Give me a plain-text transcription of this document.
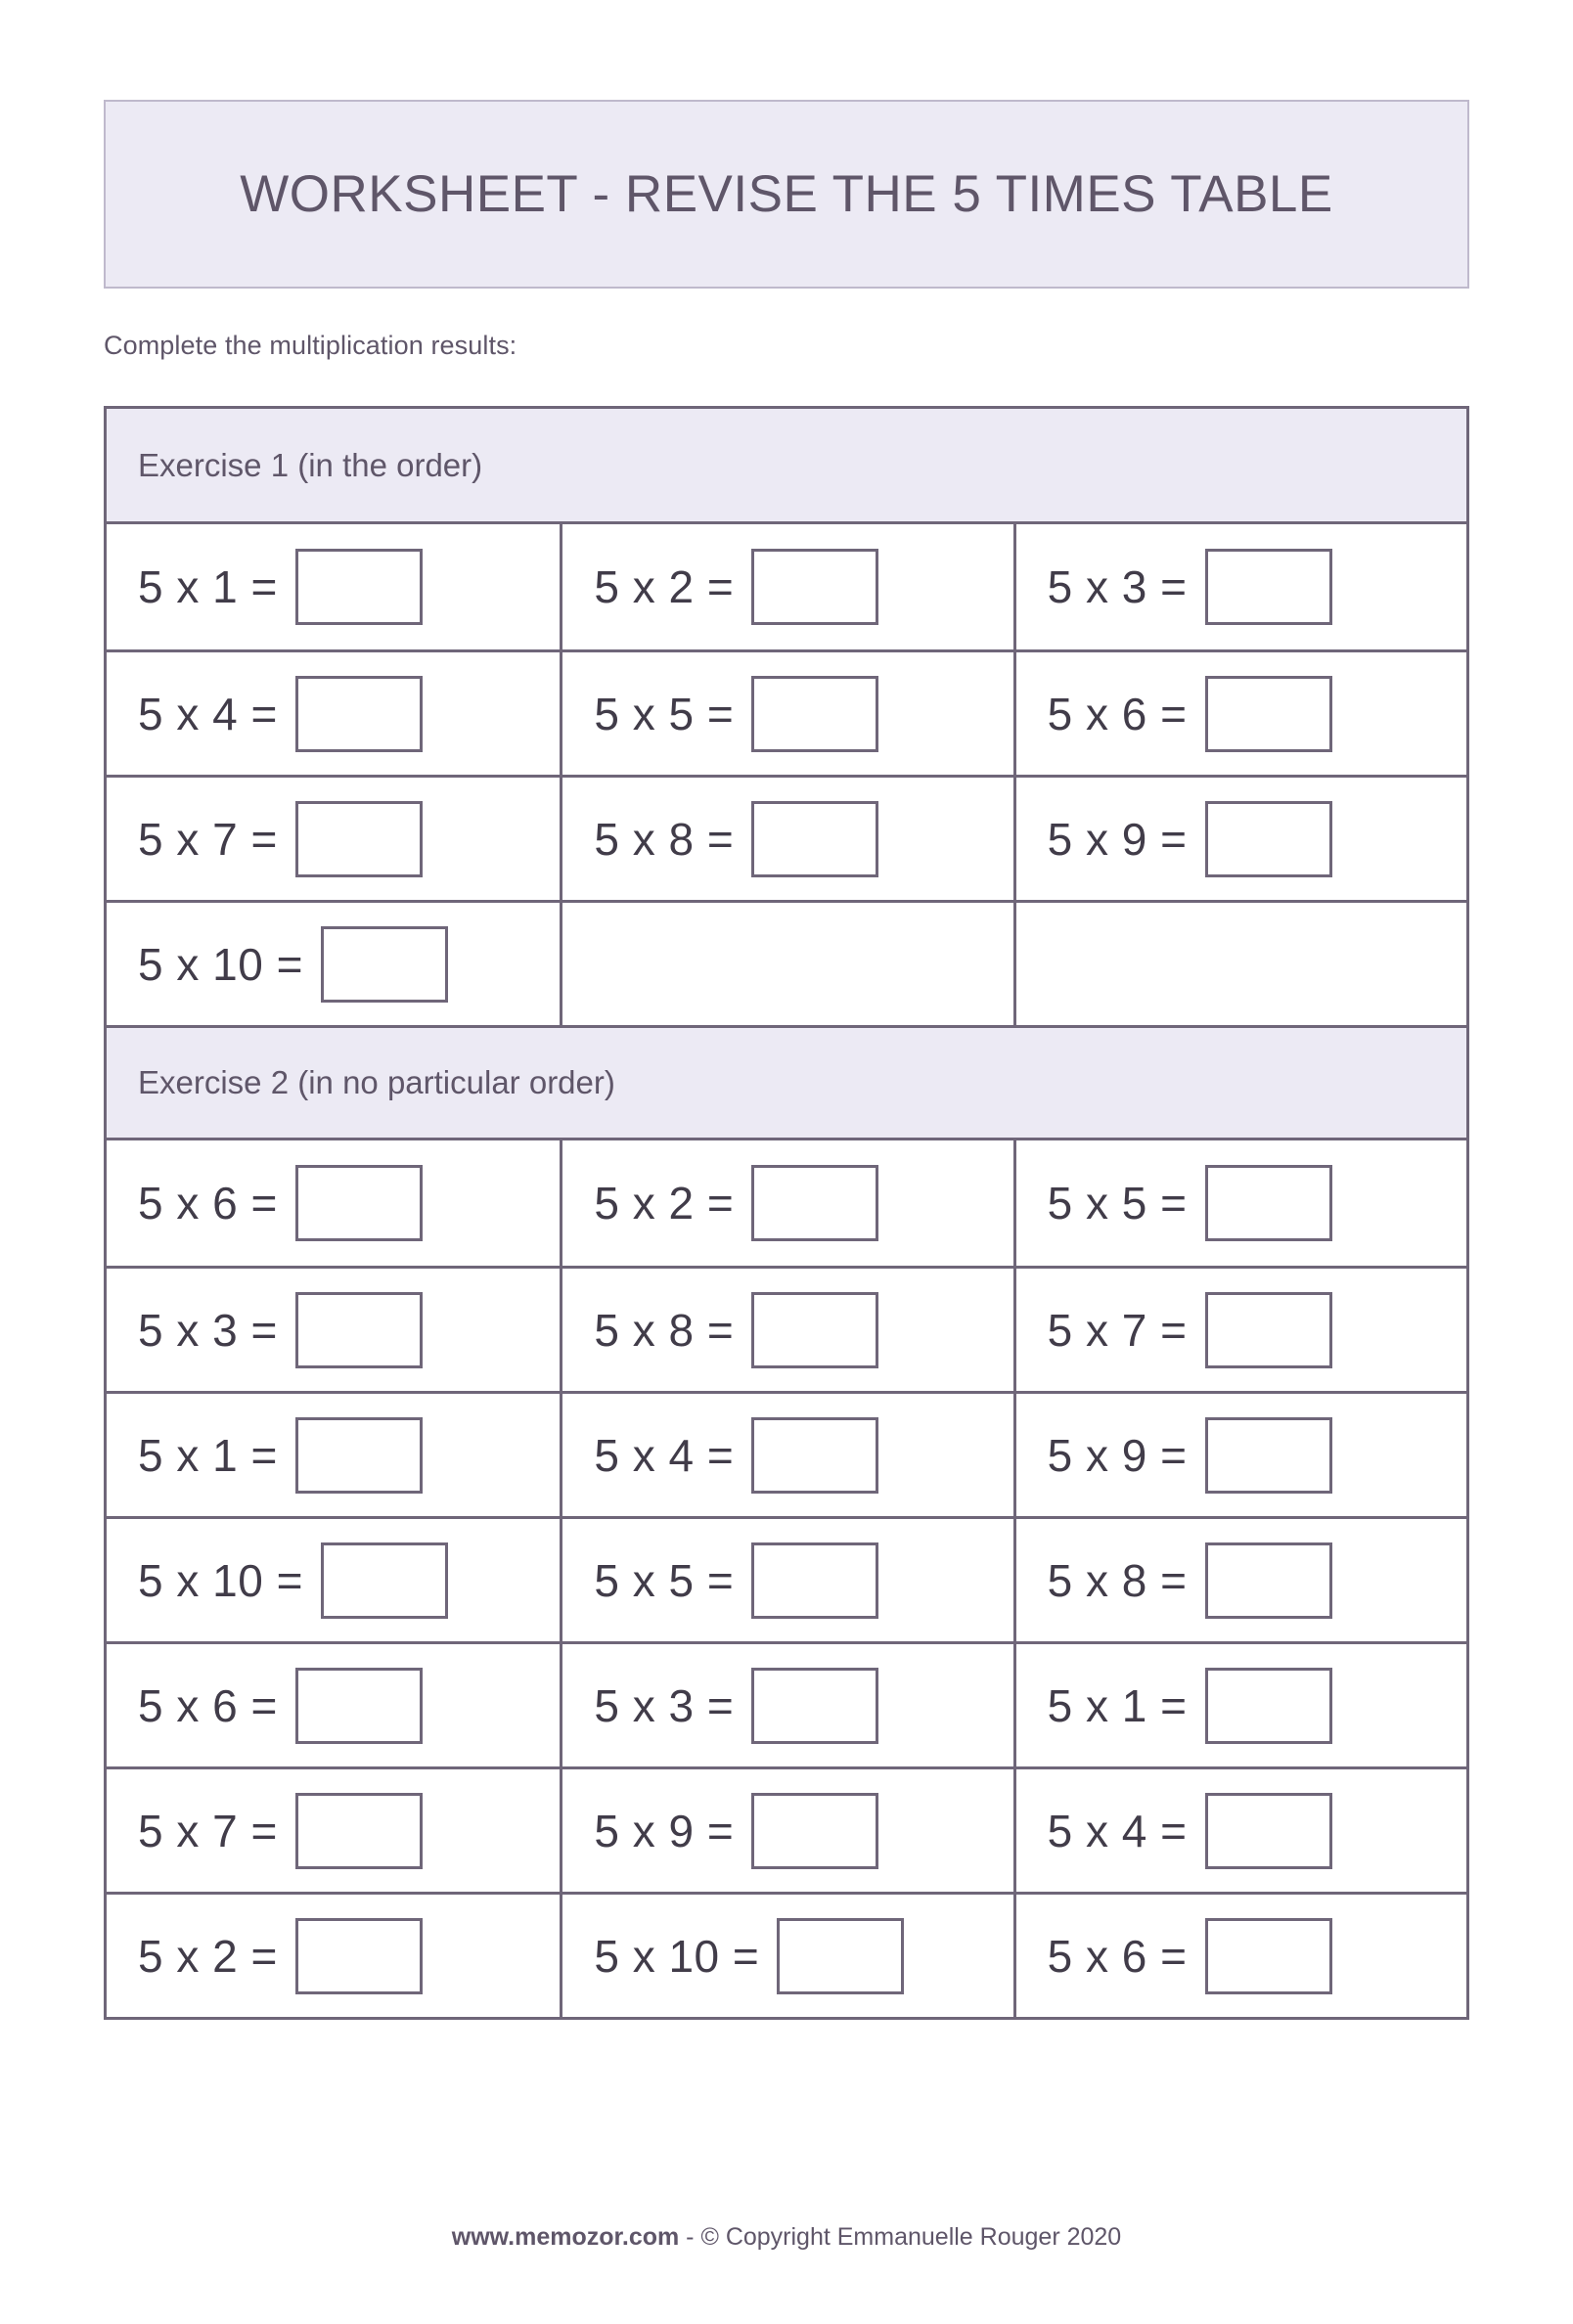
WORKSHEET - REVISE THE 5 TIMES TABLE
Complete the multiplication results:
Exercise 1 (in the order)
5 x 1 =	5 x 2 =	5 x 3 =
5 x 4 =	5 x 5 =	5 x 6 =
5 x 7 =	5 x 8 =	5 x 9 =
5 x 10 =
Exercise 2 (in no particular order)
5 x 6 =	5 x 2 =	5 x 5 =
5 x 3 =	5 x 8 =	5 x 7 =
5 x 1 =	5 x 4 =	5 x 9 =
5 x 10 =	5 x 5 =	5 x 8 =
5 x 6 =	5 x 3 =	5 x 1 =
5 x 7 =	5 x 9 =	5 x 4 =
5 x 2 =	5 x 10 =	5 x 6 =
www.memozor.com - © Copyright Emmanuelle Rouger 2020
